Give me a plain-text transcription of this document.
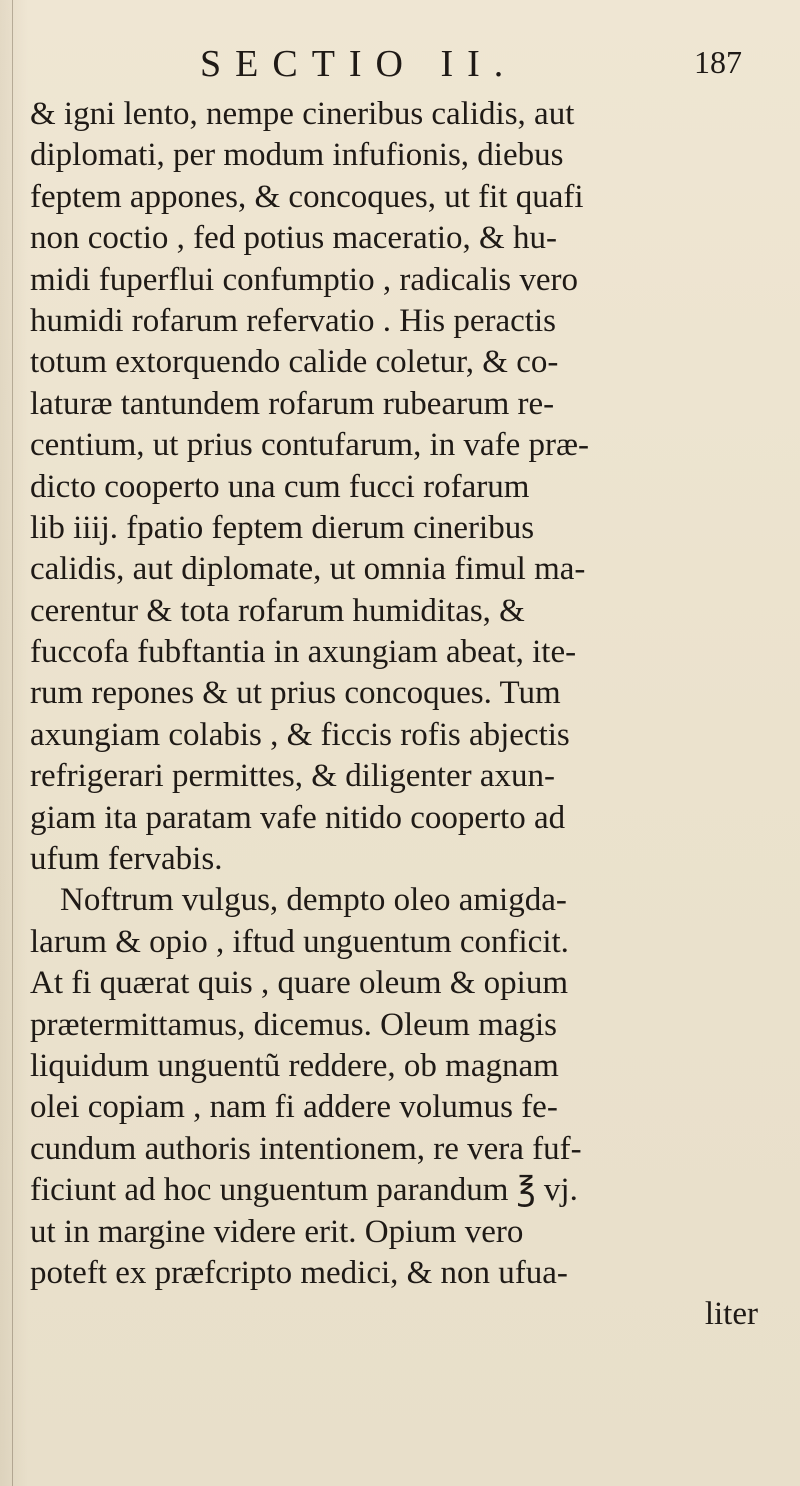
SECTIO II.	187
& igni lento, nempe cineribus calidis, aut
diplomati, per modum infufionis, diebus
feptem appones, & concoques, ut fit quafi
non coctio , fed potius maceratio, & hu-
midi fuperflui confumptio , radicalis vero
humidi rofarum refervatio . His peractis
totum extorquendo calide coletur, & co-
laturæ tantundem rofarum rubearum re-
centium, ut prius contufarum, in vafe præ-
dicto cooperto una cum fucci rofarum
lib iiij. fpatio feptem dierum cineribus
calidis, aut diplomate, ut omnia fimul ma-
cerentur & tota rofarum humiditas, &
fuccofa fubftantia in axungiam abeat, ite-
rum repones & ut prius concoques. Tum
axungiam colabis , & ficcis rofis abjectis
refrigerari permittes, & diligenter axun-
giam ita paratam vafe nitido cooperto ad
ufum fervabis.
Noftrum vulgus, dempto oleo amigda-
larum & opio , iftud unguentum conficit.
At fi quærat quis , quare oleum & opium
prætermittamus, dicemus. Oleum magis
liquidum unguentũ reddere, ob magnam
olei copiam , nam fi addere volumus fe-
cundum authoris intentionem, re vera fuf-
ficiunt ad hoc unguentum parandum ℥ vj.
ut in margine videre erit. Opium vero
poteft ex præfcripto medici, & non ufua-
liter
